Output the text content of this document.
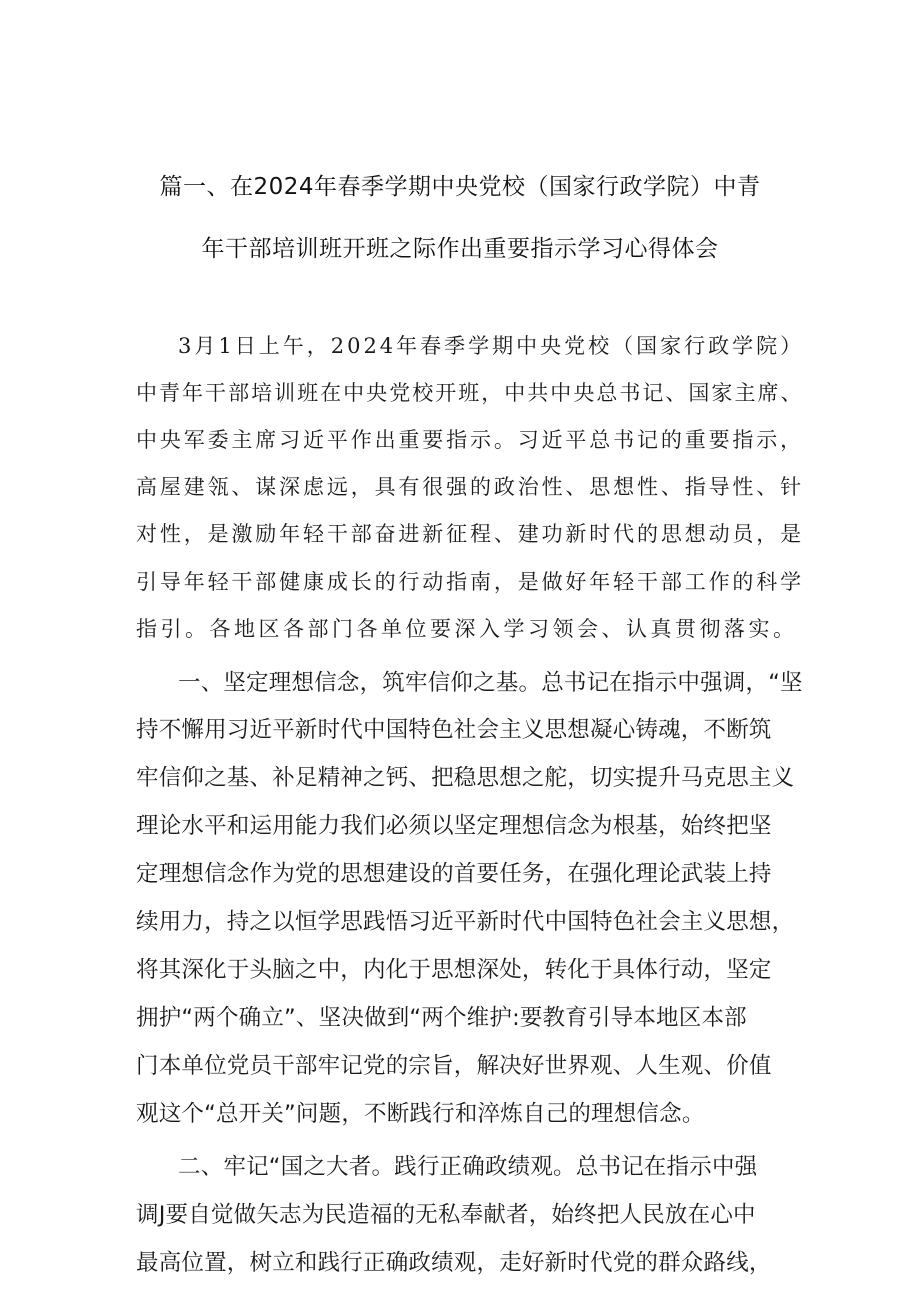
篇一、在2024年春季学期中央党校（国家行政学院）中青
年干部培训班开班之际作出重要指示学习心得体会
3月1日上午，2024年春季学期中央党校（国家行政学院）
中青年干部培训班在中央党校开班，中共中央总书记、国家主席、
中央军委主席习近平作出重要指示。习近平总书记的重要指示，
高屋建瓴、谋深虑远，具有很强的政治性、思想性、指导性、针
对性，是激励年轻干部奋进新征程、建功新时代的思想动员，是
引导年轻干部健康成长的行动指南，是做好年轻干部工作的科学
指引。各地区各部门各单位要深入学习领会、认真贯彻落实。
一、坚定理想信念，筑牢信仰之基。总书记在指示中强调，“坚
持不懈用习近平新时代中国特色社会主义思想凝心铸魂，不断筑
牢信仰之基、补足精神之钙、把稳思想之舵，切实提升马克思主义
理论水平和运用能力我们必须以坚定理想信念为根基，始终把坚
定理想信念作为党的思想建设的首要任务，在强化理论武装上持
续用力，持之以恒学思践悟习近平新时代中国特色社会主义思想，
将其深化于头脑之中，内化于思想深处，转化于具体行动，坚定
拥护“两个确立”、坚决做到“两个维护:要教育引导本地区本部
门本单位党员干部牢记党的宗旨，解决好世界观、人生观、价值
观这个“总开关”问题，不断践行和淬炼自己的理想信念。
二、牢记“国之大者。践行正确政绩观。总书记在指示中强
调J要自觉做矢志为民造福的无私奉献者，始终把人民放在心中
最高位置，树立和践行正确政绩观，走好新时代党的群众路线，
